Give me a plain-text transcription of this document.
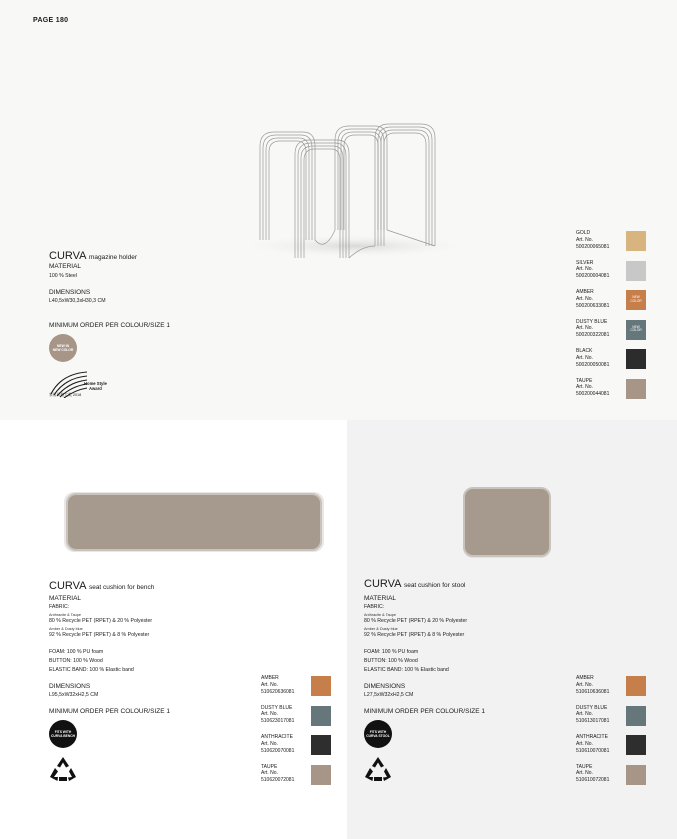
PAGE 180
CURVA magazine holder
MATERIAL
100 % Steel
DIMENSIONS
L40,5xW30,3xH30,3 CM
MINIMUM ORDER PER COLOUR/SIZE 1
NEW IN
NEW COLOR
Home Style
Award
家居风格大奖 2018
GOLD
Art. No.
500200065081
SILVER
Art. No.
500200004081
AMBER
Art. No.
500200633081
NEW COLOR
DUSTY BLUE
Art. No.
500200322081
NEW COLOR
BLACK
Art. No.
500200050081
TAUPE
Art. No.
500200044081
CURVA seat cushion for bench
MATERIAL
FABRIC:
Anthracite & Taupe
80 % Recycle PET (RPET) & 20 % Polyester
Amber & Dusty blue
92 % Recycle PET (RPET) & 8 % Polyester
FOAM: 100 % PU foam
BUTTON: 100 % Wood
ELASTIC BAND: 100 % Elastic band
DIMENSIONS
L95,5xW32xH2,5 CM
MINIMUM ORDER PER COLOUR/SIZE 1
FITS WITH
CURVA BENCH
AMBER
Art. No.
510620636081
DUSTY BLUE
Art. No.
510623017081
ANTHRACITE
Art. No.
510620070081
TAUPE
Art. No.
510620072081
CURVA seat cushion for stool
MATERIAL
FABRIC:
Anthracite & Taupe
80 % Recycle PET (RPET) & 20 % Polyester
Amber & Dusty blue
92 % Recycle PET (RPET) & 8 % Polyester
FOAM: 100 % PU foam
BUTTON: 100 % Wood
ELASTIC BAND: 100 % Elastic band
DIMENSIONS
L27,5xW32xH2,5 CM
MINIMUM ORDER PER COLOUR/SIZE 1
FITS WITH
CURVA STOOL
AMBER
Art. No.
510610636081
DUSTY BLUE
Art. No.
510613017081
ANTHRACITE
Art. No.
510610070081
TAUPE
Art. No.
510610072081
